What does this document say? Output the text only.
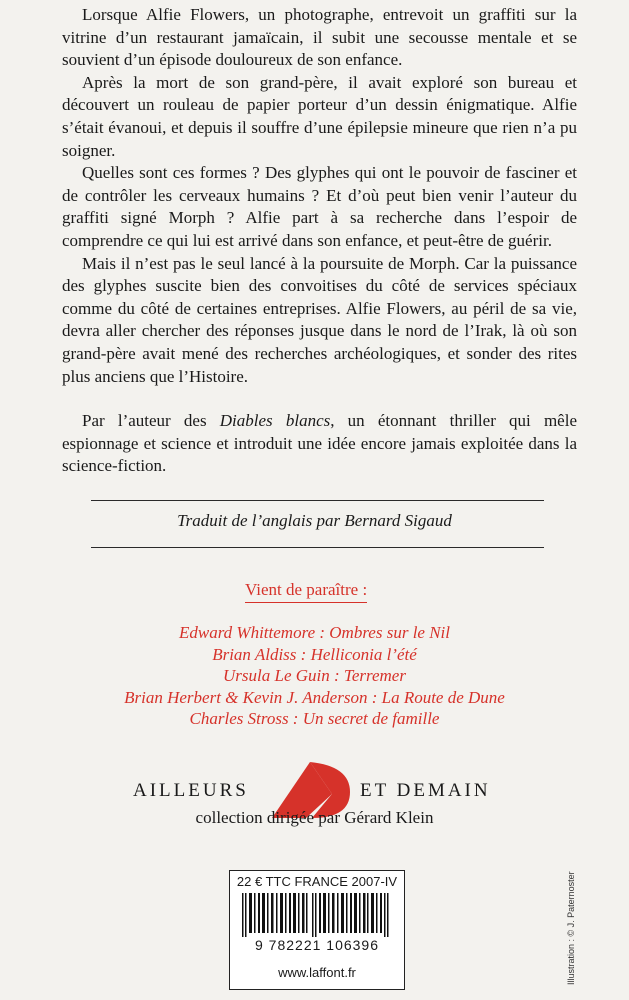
Lorsque Alfie Flowers, un photographe, entrevoit un graffiti sur la vitrine d’un restaurant jamaïcain, il subit une secousse mentale et se souvient d’un épisode douloureux de son enfance.

Après la mort de son grand-père, il avait exploré son bureau et découvert un rouleau de papier porteur d’un dessin énigmatique. Alfie s’était évanoui, et depuis il souffre d’une épilepsie mineure que rien n’a pu soigner.

Quelles sont ces formes ? Des glyphes qui ont le pouvoir de fasciner et de contrôler les cerveaux humains ? Et d’où peut bien venir l’auteur du graffiti signé Morph ? Alfie part à sa recherche dans l’espoir de comprendre ce qui lui est arrivé dans son enfance, et peut-être de guérir.

Mais il n’est pas le seul lancé à la poursuite de Morph. Car la puissance des glyphes suscite bien des convoitises du côté de services spéciaux comme du côté de certaines entreprises. Alfie Flowers, au péril de sa vie, devra aller chercher des réponses jusque dans le nord de l’Irak, là où son grand-père avait mené des recherches archéologiques, et sonder des rites plus anciens que l’Histoire.

Par l’auteur des Diables blancs, un étonnant thriller qui mêle espionnage et science et introduit une idée encore jamais exploitée dans la science-fiction.

Traduit de l’anglais par Bernard Sigaud
Vient de paraître :
Edward Whittemore : Ombres sur le Nil
Brian Aldiss : Helliconia l’été
Ursula Le Guin : Terremer
Brian Herbert & Kevin J. Anderson : La Route de Dune
Charles Stross : Un secret de famille
AILLEURS	ET DEMAIN
collection dirigée par Gérard Klein
22 € TTC FRANCE 2007-IV
9 782221 106396
www.laffont.fr	Illustration : © J. Paternoster
